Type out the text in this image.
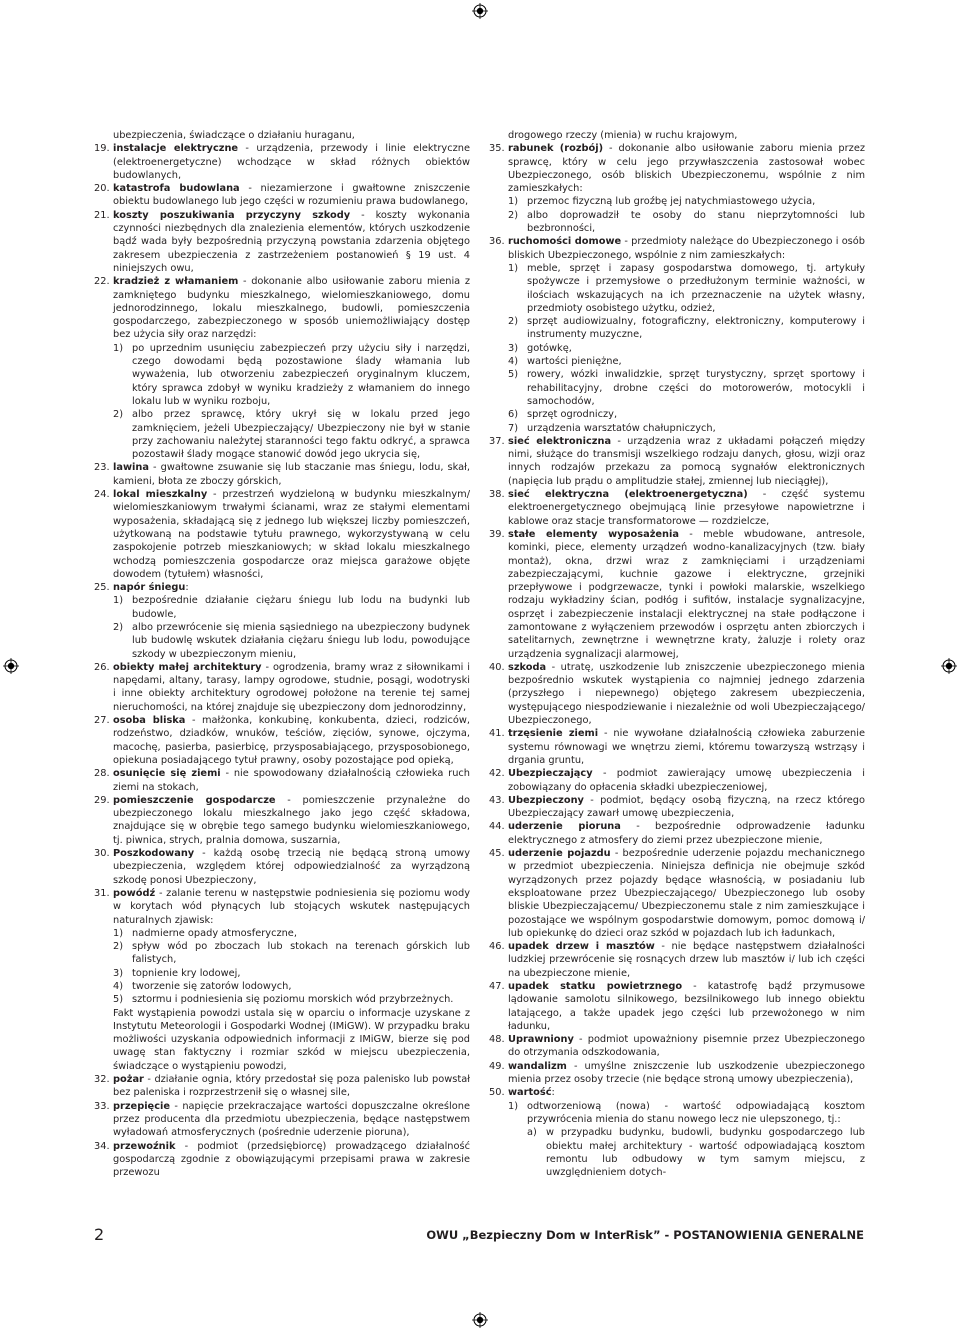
ubezpieczenia, świadczące o działaniu huraganu,
19. instalacje elektryczne - urządzenia, przewody i linie elektryczne (elektroenergetyczne) wchodzące w skład różnych obiektów budowlanych,
20. katastrofa budowlana - niezamierzone i gwałtowne zniszczenie obiektu budowlanego lub jego części w rozumieniu prawa budowlanego,
21. koszty poszukiwania przyczyny szkody - koszty wykonania czynności niezbędnych dla znalezienia elementów, których uszkodzenie bądź wada były bezpośrednią przyczyną powstania zdarzenia objętego zakresem ubezpieczenia z zastrzeżeniem postanowień § 19 ust. 4 niniejszych owu,
22. kradzież z włamaniem - dokonanie albo usiłowanie zaboru mienia z zamkniętego budynku mieszkalnego, wielomieszkaniowego, domu jednorodzinnego, lokalu mieszkalnego, budowli, pomieszczenia gospodarczego, zabezpieczonego w sposób uniemożliwiający dostęp bez użycia siły oraz narzędzi:
1) po uprzednim usunięciu zabezpieczeń przy użyciu siły i narzędzi, czego dowodami będą pozostawione ślady włamania lub wyważenia, lub otworzeniu zabezpieczeń oryginalnym kluczem, który sprawca zdobył w wyniku kradzieży z włamaniem do innego lokalu lub w wyniku rozboju,
2) albo przez sprawcę, który ukrył się w lokalu przed jego zamknięciem, jeżeli Ubezpieczający/ Ubezpieczony nie był w stanie przy zachowaniu należytej staranności tego faktu odkryć, a sprawca pozostawił ślady mogące stanowić dowód jego ukrycia się,
23. lawina - gwałtowne zsuwanie się lub staczanie mas śniegu, lodu, skał, kamieni, błota ze zboczy górskich,
24. lokal mieszkalny - przestrzeń wydzieloną w budynku mieszkalnym/ wielomieszkaniowym trwałymi ścianami, wraz ze stałymi elementami wyposażenia, składającą się z jednego lub większej liczby pomieszczeń, użytkowaną na podstawie tytułu prawnego, wykorzystywaną w celu zaspokojenie potrzeb mieszkaniowych; w skład lokalu mieszkalnego wchodzą pomieszczenia gospodarcze oraz miejsca garażowe objęte dowodem (tytułem) własności,
25. napór śniegu:
1) bezpośrednie działanie ciężaru śniegu lub lodu na budynki lub budowle,
2) albo przewrócenie się mienia sąsiedniego na ubezpieczony budynek lub budowlę wskutek działania ciężaru śniegu lub lodu, powodujące szkody w ubezpieczonym mieniu,
26. obiekty małej architektury - ogrodzenia, bramy wraz z siłownikami i napędami, altany, tarasy, lampy ogrodowe, studnie, posągi, wodotryski i inne obiekty architektury ogrodowej położone na terenie tej samej nieruchomości, na której znajduje się ubezpieczony dom jednorodzinny,
27. osoba bliska - małżonka, konkubinę, konkubenta, dzieci, rodziców, rodzeństwo, dziadków, wnuków, teściów, zięciów, synowe, ojczyma, macochę, pasierba, pasierbicę, przysposabiającego, przysposobionego, opiekuna posiadającego tytuł prawny, osoby pozostające pod opieką,
28. osunięcie się ziemi - nie spowodowany działalnością człowieka ruch ziemi na stokach,
29. pomieszczenie gospodarcze - pomieszczenie przynależne do ubezpieczonego lokalu mieszkalnego jako jego część składowa, znajdujące się w obrębie tego samego budynku wielomieszkaniowego, tj. piwnica, strych, pralnia domowa, suszarnia,
30. Poszkodowany - każdą osobę trzecią nie będącą stroną umowy ubezpieczenia, względem której odpowiedzialność za wyrządzoną szkodę ponosi Ubezpieczony,
31. powódź - zalanie terenu w następstwie podniesienia się poziomu wody w korytach wód płynących lub stojących wskutek następujących naturalnych zjawisk:
1) nadmierne opady atmosferyczne,
2) spływ wód po zboczach lub stokach na terenach górskich lub falistych,
3) topnienie kry lodowej,
4) tworzenie się zatorów lodowych,
5) sztormu i podniesienia się poziomu morskich wód przybrzeżnych.
Fakt wystąpienia powodzi ustala się w oparciu o informacje uzyskane z Instytutu Meteorologii i Gospodarki Wodnej (IMiGW). W przypadku braku możliwości uzyskania odpowiednich informacji z IMiGW, bierze się pod uwagę stan faktyczny i rozmiar szkód w miejscu ubezpieczenia, świadczące o wystąpieniu powodzi,
32. pożar - działanie ognia, który przedostał się poza palenisko lub powstał bez paleniska i rozprzestrzenił się o własnej sile,
33. przepięcie - napięcie przekraczające wartości dopuszczalne określone przez producenta dla przedmiotu ubezpieczenia, będące następstwem wyładowań atmosferycznych (pośrednie uderzenie pioruna),
34. przewoźnik - podmiot (przedsiębiorcę) prowadzącego działalność gospodarczą zgodnie z obowiązującymi przepisami prawa w zakresie przewozu
drogowego rzeczy (mienia) w ruchu krajowym,
35. rabunek (rozbój) - dokonanie albo usiłowanie zaboru mienia przez sprawcę, który w celu jego przywłaszczenia zastosował wobec Ubezpieczonego, osób bliskich Ubezpieczonemu, wspólnie z nim zamieszkałych:
1) przemoc fizyczną lub groźbę jej natychmiastowego użycia,
2) albo doprowadził te osoby do stanu nieprzytomności lub bezbronności,
36. ruchomości domowe - przedmioty należące do Ubezpieczonego i osób bliskich Ubezpieczonego, wspólnie z nim zamieszkałych:
1) meble, sprzęt i zapasy gospodarstwa domowego, tj. artykuły spożywcze i przemysłowe o przedłużonym terminie ważności, w ilościach wskazujących na ich przeznaczenie na użytek własny, przedmioty osobistego użytku, odzież,
2) sprzęt audiowizualny, fotograficzny, elektroniczny, komputerowy i instrumenty muzyczne,
3) gotówkę,
4) wartości pieniężne,
5) rowery, wózki inwalidzkie, sprzęt turystyczny, sprzęt sportowy i rehabilitacyjny, drobne części do motorowerów, motocykli i samochodów,
6) sprzęt ogrodniczy,
7) urządzenia warsztatów chałupniczych,
37. sieć elektroniczna - urządzenia wraz z układami połączeń między nimi, służące do transmisji wszelkiego rodzaju danych, głosu, wizji oraz innych rodzajów przekazu za pomocą sygnałów elektronicznych (napięcia lub prądu o amplitudzie stałej, zmiennej lub nieciągłej),
38. sieć elektryczna (elektroenergetyczna) - część systemu elektroenergetycznego obejmującą linie przesyłowe napowietrzne i kablowe oraz stacje transformatorowe — rozdzielcze,
39. stałe elementy wyposażenia - meble wbudowane, antresole, kominki, piece, elementy urządzeń wodno-kanalizacyjnych (tzw. biały montaż), okna, drzwi wraz z zamknięciami i urządzeniami zabezpieczającymi, kuchnie gazowe i elektryczne, grzejniki przepływowe i podgrzewacze, tynki i powłoki malarskie, wszelkiego rodzaju wykładziny ścian, podłóg i sufitów, instalacje sygnalizacyjne, osprzęt i zabezpieczenie instalacji elektrycznej na stałe podłączone i zamontowane z wyłączeniem przewodów i osprzętu anten zbiorczych i satelitarnych, zewnętrzne i wewnętrzne kraty, żaluzje i rolety oraz urządzenia sygnalizacji alarmowej,
40. szkoda - utratę, uszkodzenie lub zniszczenie ubezpieczonego mienia bezpośrednio wskutek wystąpienia co najmniej jednego zdarzenia (przyszłego i niepewnego) objętego zakresem ubezpieczenia, występującego niespodziewanie i niezależnie od woli Ubezpieczającego/ Ubezpieczonego,
41. trzęsienie ziemi - nie wywołane działalnością człowieka zaburzenie systemu równowagi we wnętrzu ziemi, któremu towarzyszą wstrząsy i drgania gruntu,
42. Ubezpieczający - podmiot zawierający umowę ubezpieczenia i zobowiązany do opłacenia składki ubezpieczeniowej,
43. Ubezpieczony - podmiot, będący osobą fizyczną, na rzecz którego Ubezpieczający zawarł umowę ubezpieczenia,
44. uderzenie pioruna - bezpośrednie odprowadzenie ładunku elektrycznego z atmosfery do ziemi przez ubezpieczone mienie,
45. uderzenie pojazdu - bezpośrednie uderzenie pojazdu mechanicznego w przedmiot ubezpieczenia. Niniejsza definicja nie obejmuje szkód wyrządzonych przez pojazdy będące własnością, w posiadaniu lub eksploatowane przez Ubezpieczającego/ Ubezpieczonego lub osoby bliskie Ubezpieczającemu/ Ubezpieczonemu stale z nim zamieszkujące i pozostające we wspólnym gospodarstwie domowym, pomoc domową i/ lub opiekunkę do dzieci oraz szkód w pojazdach lub ich ładunkach,
46. upadek drzew i masztów - nie będące następstwem działalności ludzkiej przewrócenie się rosnących drzew lub masztów i/ lub ich części na ubezpieczone mienie,
47. upadek statku powietrznego - katastrofę bądź przymusowe lądowanie samolotu silnikowego, bezsilnikowego lub innego obiektu latającego, a także upadek jego części lub przewożonego w nim ładunku,
48. Uprawniony - podmiot upoważniony pisemnie przez Ubezpieczonego do otrzymania odszkodowania,
49. wandalizm - umyślne zniszczenie lub uszkodzenie ubezpieczonego mienia przez osoby trzecie (nie będące stroną umowy ubezpieczenia),
50. wartość:
1) odtworzeniową (nowa) - wartość odpowiadającą kosztom przywrócenia mienia do stanu nowego lecz nie ulepszonego, tj.:
a) w przypadku budynku, budowli, budynku gospodarczego lub obiektu małej architektury - wartość odpowiadającą kosztom remontu lub odbudowy w tym samym miejscu, z uwzględnieniem dotych-
2	OWU „Bezpieczny Dom w InterRisk” - POSTANOWIENIA GENERALNE
